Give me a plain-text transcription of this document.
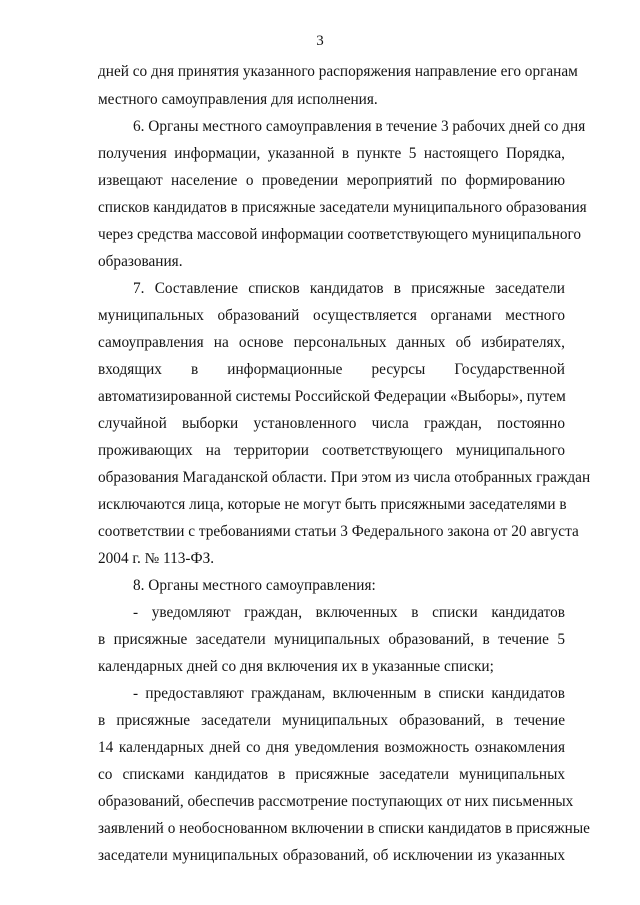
3
дней со дня принятия указанного распоряжения направление его органам
местного самоуправления для исполнения.
6. Органы местного самоуправления в течение 3 рабочих дней со дня
получения информации, указанной в пункте 5 настоящего Порядка,
извещают население о проведении мероприятий по формированию
списков кандидатов в присяжные заседатели муниципального образования
через средства массовой информации соответствующего муниципального
образования.
7. Составление списков кандидатов в присяжные заседатели
муниципальных образований осуществляется органами местного
самоуправления на основе персональных данных об избирателях,
входящих в информационные ресурсы Государственной
автоматизированной системы Российской Федерации «Выборы», путем
случайной выборки установленного числа граждан, постоянно
проживающих на территории соответствующего муниципального
образования Магаданской области. При этом из числа отобранных граждан
исключаются лица, которые не могут быть присяжными заседателями в
соответствии с требованиями статьи 3 Федерального закона от 20 августа
2004 г. № 113-ФЗ.
8. Органы местного самоуправления:
- уведомляют граждан, включенных в списки кандидатов
в присяжные заседатели муниципальных образований, в течение 5
календарных дней со дня включения их в указанные списки;
- предоставляют гражданам, включенным в списки кандидатов
в присяжные заседатели муниципальных образований, в течение
14 календарных дней со дня уведомления возможность ознакомления
со списками кандидатов в присяжные заседатели муниципальных
образований, обеспечив рассмотрение поступающих от них письменных
заявлений о необоснованном включении в списки кандидатов в присяжные
заседатели муниципальных образований, об исключении из указанных
